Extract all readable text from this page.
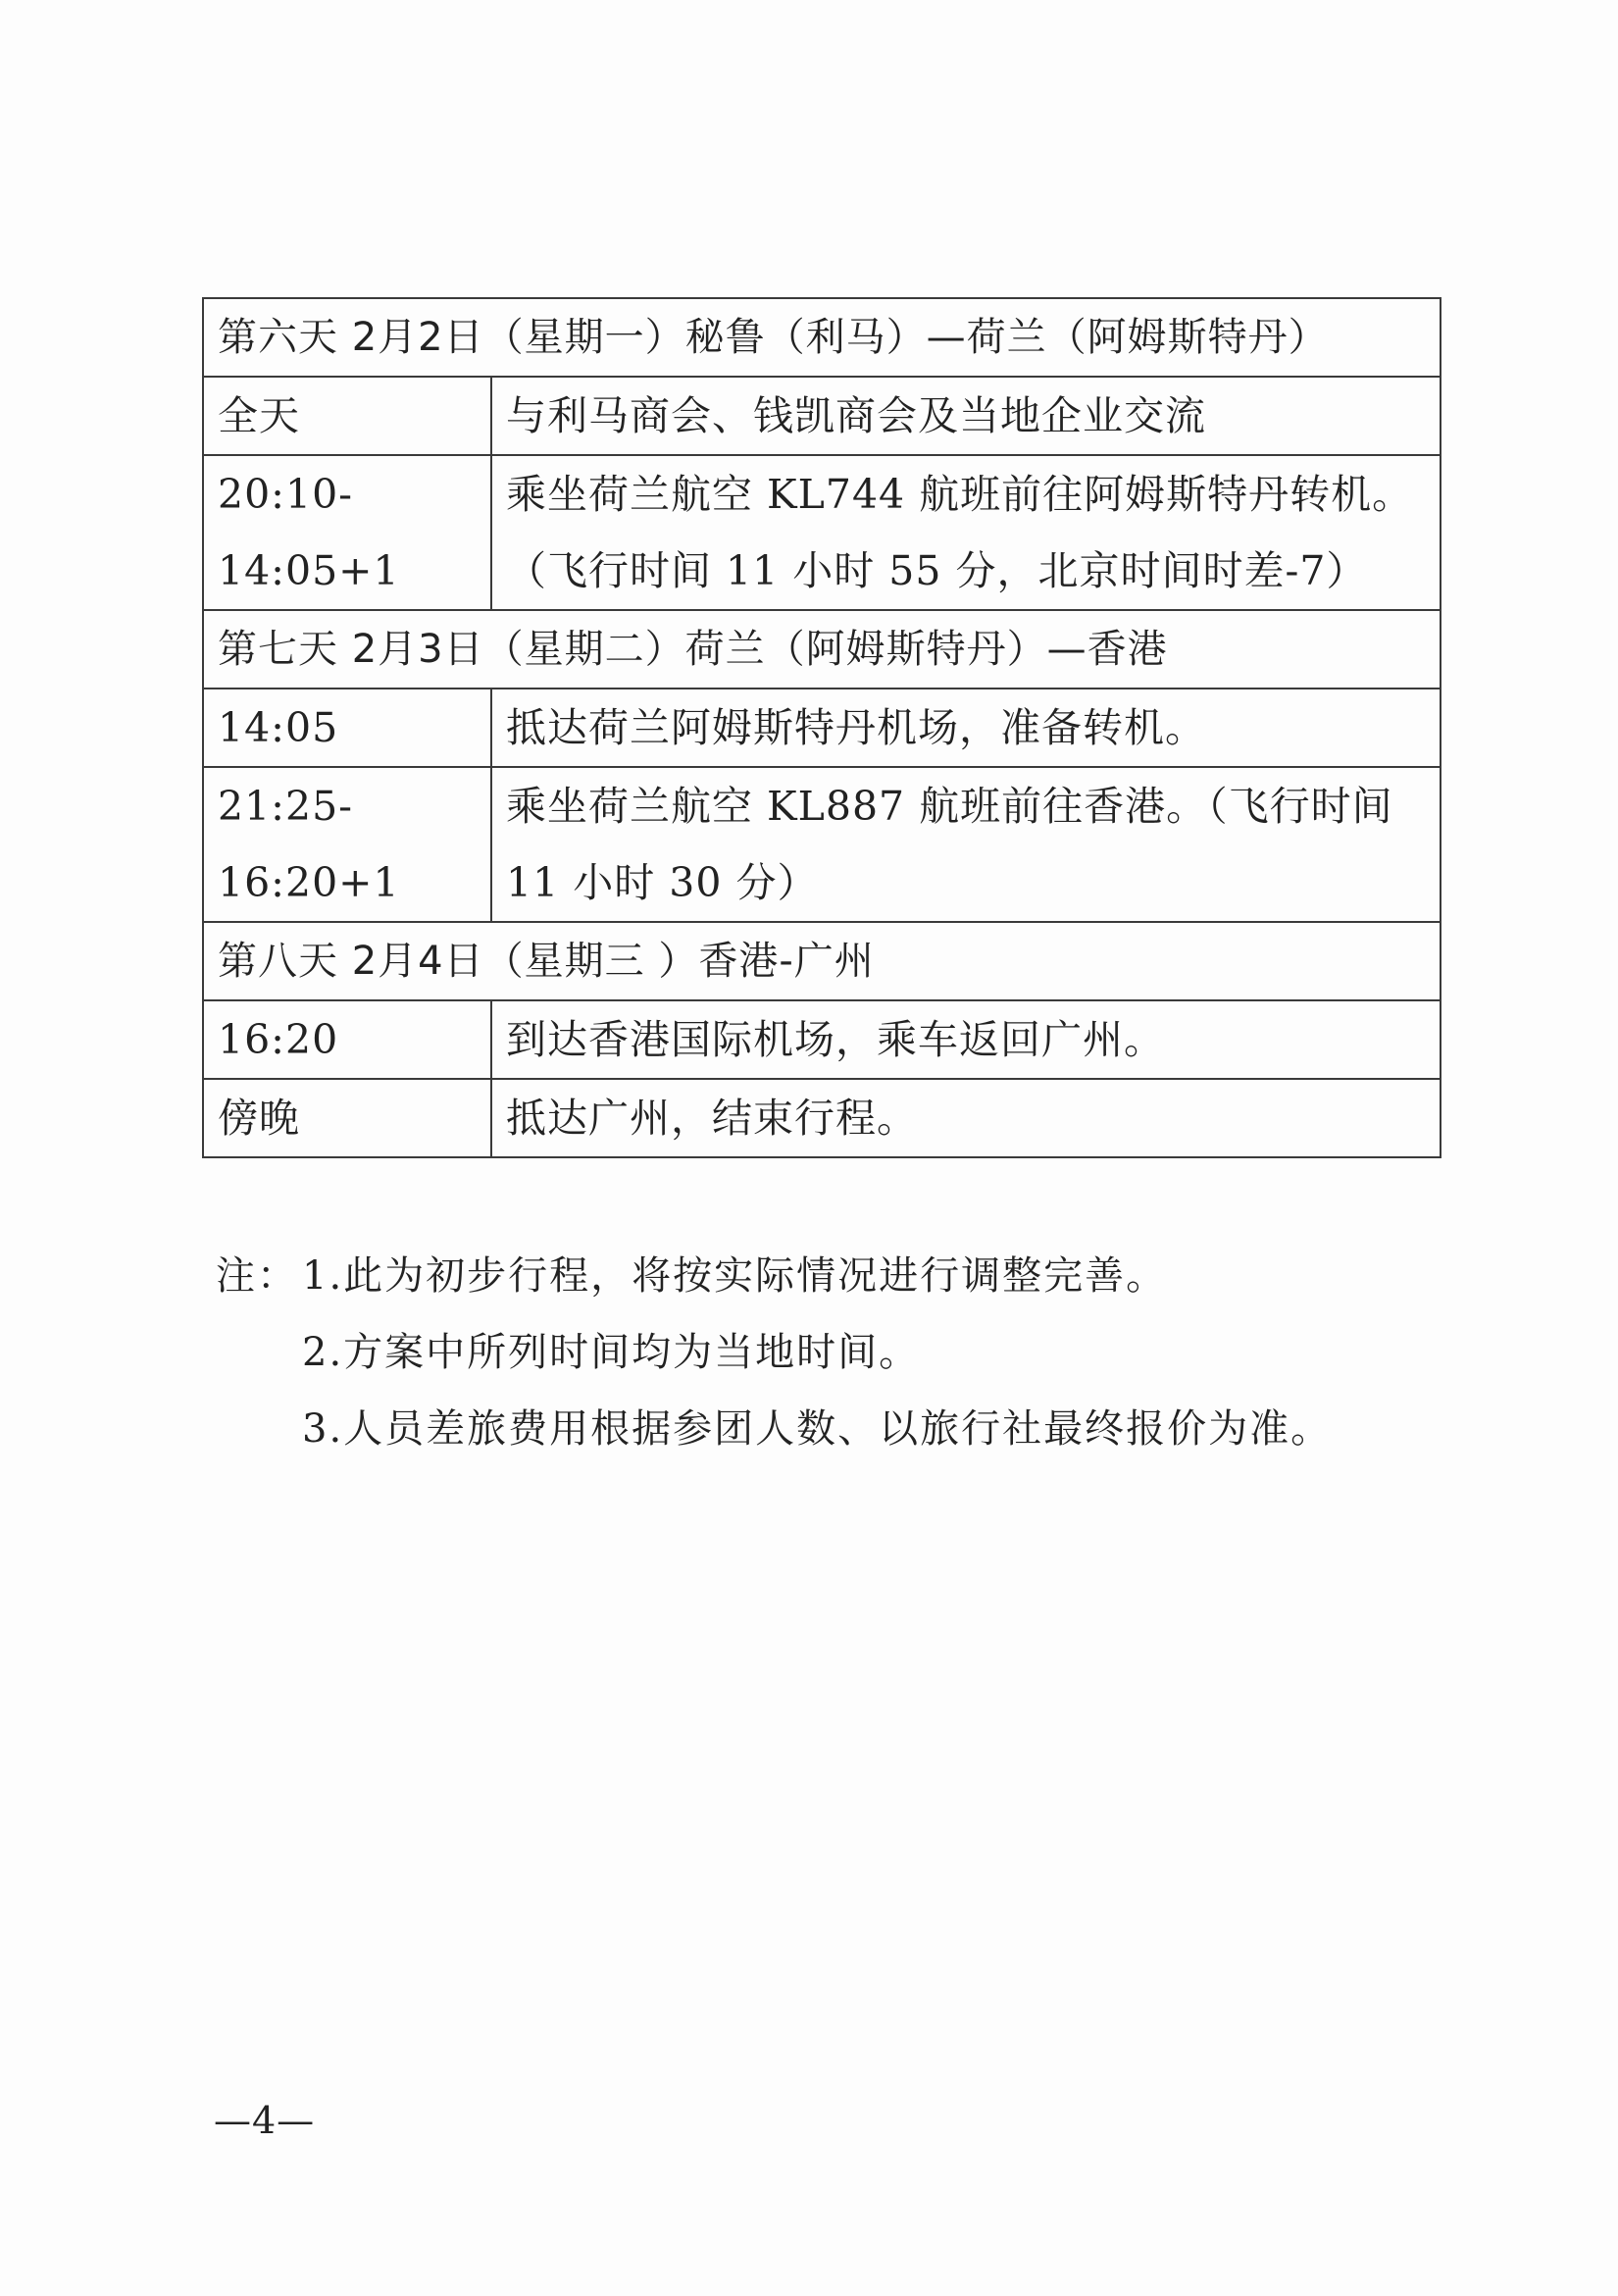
第六天 2月2日（星期一）秘鲁（利马）—荷兰（阿姆斯特丹）	
全天	与利马商会、钱凯商会及当地企业交流

20:10-14:05+1	乘坐荷兰航空 KL744 航班前往阿姆斯特丹转机。
（飞行时间 11 小时 55 分，北京时间时差-7）

第七天 2月3日（星期二）荷兰（阿姆斯特丹）—香港	
14:05	抵达荷兰阿姆斯特丹机场，准备转机。

21:25-16:20+1	乘坐荷兰航空 KL887 航班前往香港。（飞行时间
11 小时 30 分）

第八天 2月4日（星期三 ）香港-广州	
16:20	到达香港国际机场，乘车返回广州。

傍晚	抵达广州，结束行程。
注： 1.此为初步行程，将按实际情况进行调整完善。
2.方案中所列时间均为当地时间。
3.人员差旅费用根据参团人数、以旅行社最终报价为准。
—4—
